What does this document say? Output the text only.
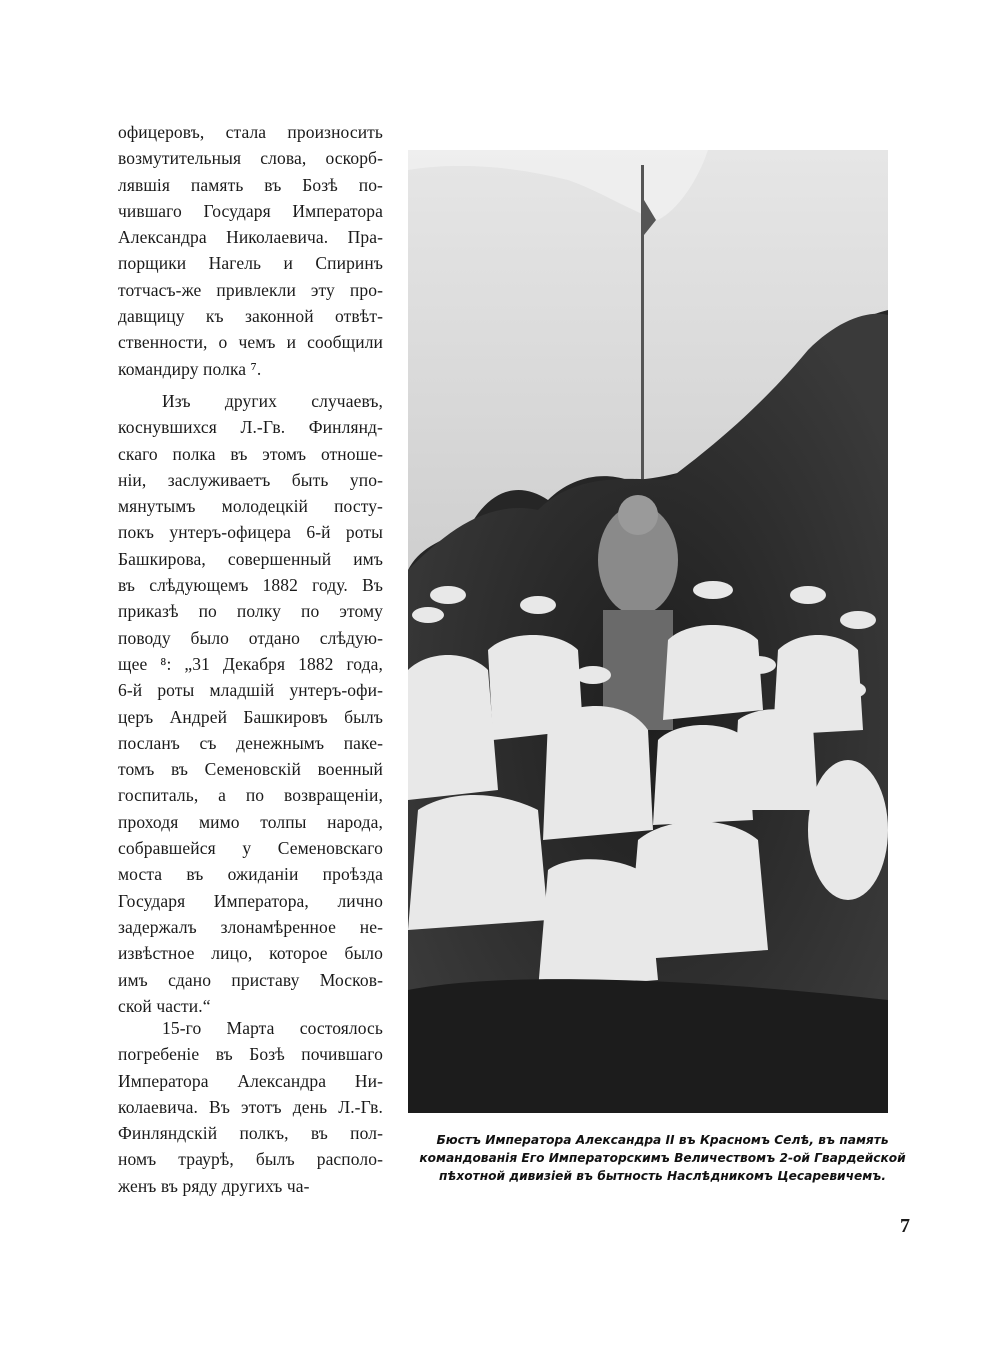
офицеровъ, стала произносить
возмутительныя слова, оскорб-
лявшія память въ Бозѣ по-
чившаго Государя Императора
Александра Николаевича. Пра-
порщики Нагель и Спиринъ
тотчасъ-же привлекли эту про-
давщицу къ законной отвѣт-
ственности, о чемъ и сообщили
командиру полка ⁷.
Изъ других случаевъ,
коснувшихся Л.-Гв. Финлянд-
скаго полка въ этомъ отноше-
ніи, заслуживаетъ быть упо-
мянутымъ молодецкій посту-
покъ унтеръ-офицера 6-й роты
Башкирова, совершенный имъ
въ слѣдующемъ 1882 году. Въ
приказѣ по полку по этому
поводу было отдано слѣдую-
щее ⁸: „31 Декабря 1882 года,
6-й роты младшій унтеръ-офи-
церъ Андрей Башкировъ былъ
посланъ съ денежнымъ паке-
томъ въ Семеновскій военный
госпиталь, а по возвращеніи,
проходя мимо толпы народа,
собравшейся у Семеновскаго
моста въ ожиданіи проѣзда
Государя Императора, лично
задержалъ злонамѣренное не-
извѣстное лицо, которое было
имъ сдано приставу Москов-
ской части.“
15-го Марта состоялось
погребеніе въ Бозѣ почившаго
Императора Александра Ни-
колаевича. Въ этотъ день Л.-Гв.
Финляндскій полкъ, въ пол-
номъ траурѣ, былъ располо-
женъ въ ряду другихъ ча-
Бюстъ Императора Александра II въ Красномъ Селѣ, въ память
командованія Его Императорскимъ Величествомъ 2-ой Гвардейской
пѣхотной дивизіей въ бытность Наслѣдникомъ Цесаревичемъ.
7
